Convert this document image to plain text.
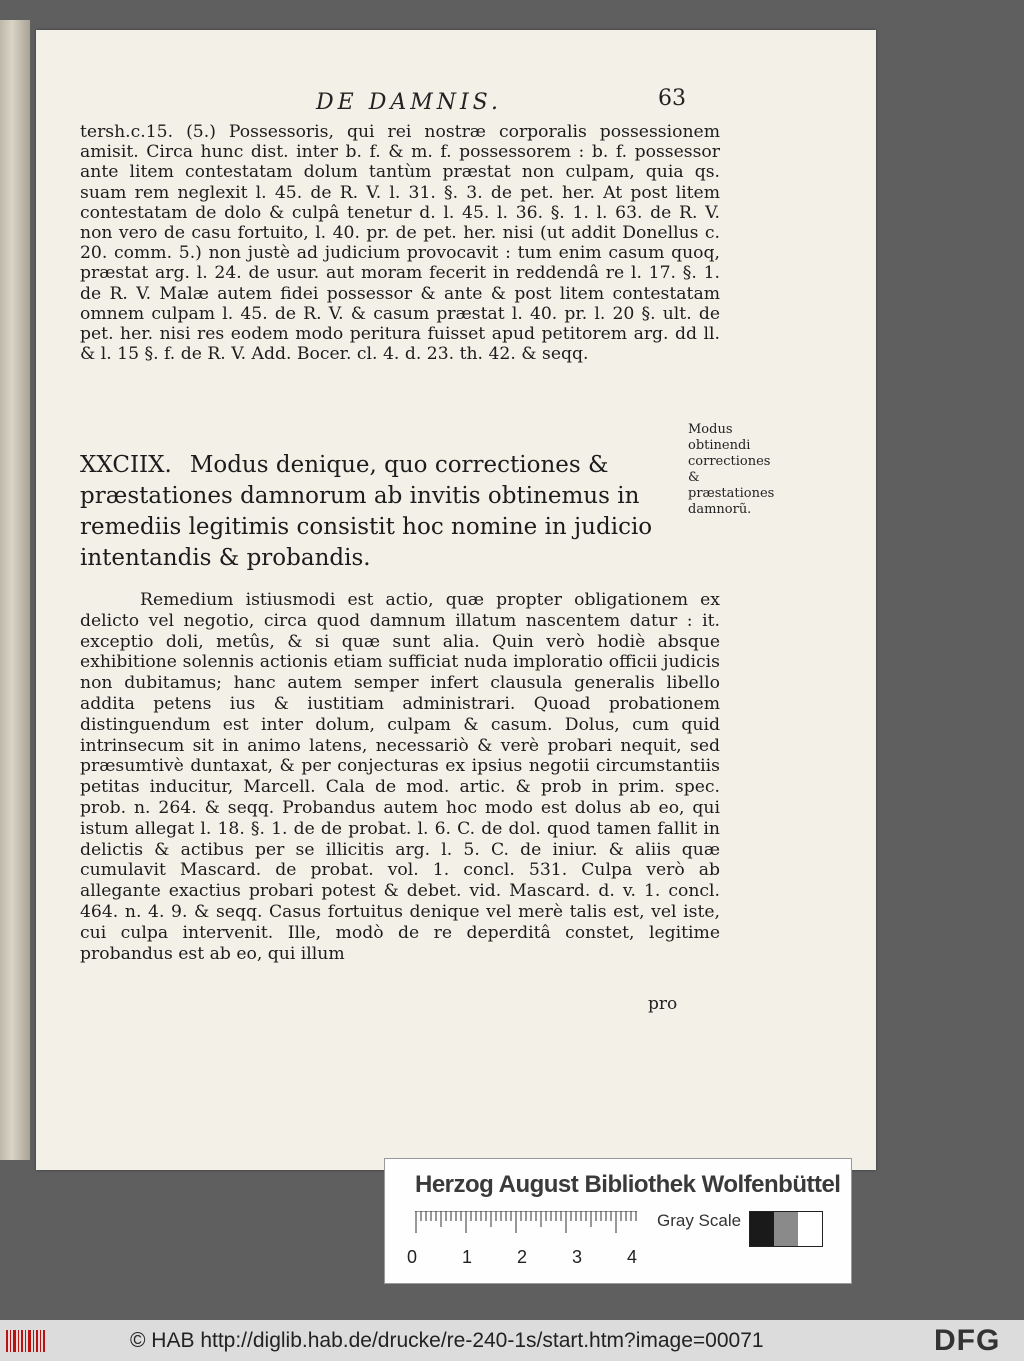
DE DAMNIS.	63
tersh.c.15. (5.) Possessoris, qui rei nostræ corporalis possessionem amisit. Circa hunc dist. inter b. f. & m. f. possessorem : b. f. possessor ante litem contestatam dolum tantùm præstat non culpam, quia qs. suam rem neglexit l. 45. de R. V. l. 31. §. 3. de pet. her. At post litem contestatam de dolo & culpâ tenetur d. l. 45. l. 36. §. 1. l. 63. de R. V. non vero de casu fortuito, l. 40. pr. de pet. her. nisi (ut addit Donellus c. 20. comm. 5.) non justè ad judicium provocavit : tum enim casum quoq, præstat arg. l. 24. de usur. aut moram fecerit in reddendâ re l. 17. §. 1. de R. V. Malæ autem fidei possessor & ante & post litem contestatam omnem culpam l. 45. de R. V. & casum præstat l. 40. pr. l. 20 §. ult. de pet. her. nisi res eodem modo peritura fuisset apud petitorem arg. dd ll. & l. 15 §. f. de R. V. Add. Bocer. cl. 4. d. 23. th. 42. & seqq.
XXCIIX. Modus denique, quo correctiones & præstationes damnorum ab invitis obtinemus in remediis legitimis consistit hoc nomine in judicio intentandis & probandis.
Modus obtinendi correctiones & præstationes damnorũ.
Remedium istiusmodi est actio, quæ propter obligationem ex delicto vel negotio, circa quod damnum illatum nascentem datur : it. exceptio doli, metûs, & si quæ sunt alia. Quin verò hodiè absque exhibitione solennis actionis etiam sufficiat nuda imploratio officii judicis non dubitamus; hanc autem semper infert clausula generalis libello addita petens ius & iustitiam administrari. Quoad probationem distinguendum est inter dolum, culpam & casum. Dolus, cum quid intrinsecum sit in animo latens, necessariò & verè probari nequit, sed præsumtivè duntaxat, & per conjecturas ex ipsius negotii circumstantiis petitas inducitur, Marcell. Cala de mod. artic. & prob in prim. spec. prob. n. 264. & seqq. Probandus autem hoc modo est dolus ab eo, qui istum allegat l. 18. §. 1. de de probat. l. 6. C. de dol. quod tamen fallit in delictis & actibus per se illicitis arg. l. 5. C. de iniur. & aliis quæ cumulavit Mascard. de probat. vol. 1. concl. 531. Culpa verò ab allegante exactius probari potest & debet. vid. Mascard. d. v. 1. concl. 464. n. 4. 9. & seqq. Casus fortuitus denique vel merè talis est, vel iste, cui culpa intervenit. Ille, modò de re deperditâ constet, legitime probandus est ab eo, qui illum
pro
Herzog August Bibliothek Wolfenbüttel
0 1 2 3 4
Gray Scale
© HAB http://diglib.hab.de/drucke/re-240-1s/start.htm?image=00071	DFG
